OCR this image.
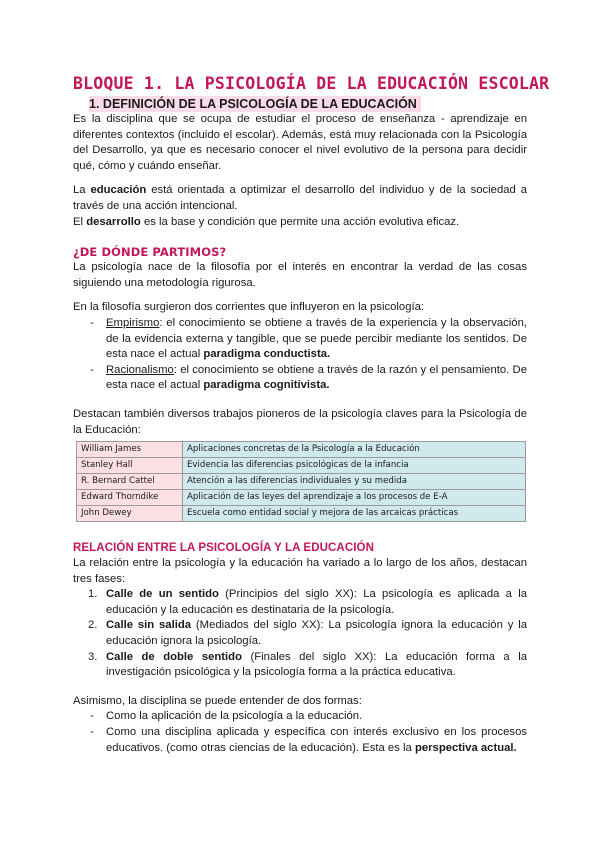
BLOQUE 1. LA PSICOLOGÍA DE LA EDUCACIÓN ESCOLAR
1. DEFINICIÓN DE LA PSICOLOGÍA DE LA EDUCACIÓN

Es la disciplina que se ocupa de estudiar el proceso de enseñanza - aprendizaje en diferentes contextos (incluido el escolar). Además, está muy relacionada con la Psicología del Desarrollo, ya que es necesario conocer el nivel evolutivo de la persona para decidir qué, cómo y cuándo enseñar.

La educación está orientada a optimizar el desarrollo del individuo y de la sociedad a través de una acción intencional.

El desarrollo es la base y condición que permite una acción evolutiva eficaz.

¿DE DÓNDE PARTIMOS?

La psicología nace de la filosofía por el interés en encontrar la verdad de las cosas siguiendo una metodología rigurosa.

En la filosofía surgieron dos corrientes que influyeron en la psicología:

- Empirismo: el conocimiento se obtiene a través de la experiencia y la observación, de la evidencia externa y tangible, que se puede percibir mediante los sentidos. De esta nace el actual paradigma conductista.
- Racionalismo: el conocimiento se obtiene a través de la razón y el pensamiento. De esta nace el actual paradigma cognitivista.

Destacan también diversos trabajos pioneros de la psicología claves para la Psicología de la Educación:

William James	Aplicaciones concretas de la Psicología a la Educación
Stanley Hall	Evidencia las diferencias psicológicas de la infancia
R. Bernard Cattel	Atención a las diferencias individuales y su medida
Edward Thorndike	Aplicación de las leyes del aprendizaje a los procesos de E-A
John Dewey	Escuela como entidad social y mejora de las arcaicas prácticas
RELACIÓN ENTRE LA PSICOLOGÍA Y LA EDUCACIÓN

La relación entre la psicología y la educación ha variado a lo largo de los años, destacan tres fases:

1. Calle de un sentido (Principios del siglo XX): La psicología es aplicada a la educación y la educación es destinataria de la psicología.
2. Calle sin salida (Mediados del siglo XX): La psicología ignora la educación y la educación ignora la psicología.
3. Calle de doble sentido (Finales del siglo XX): La educación forma a la investigación psicológica y la psicología forma a la práctica educativa.

Asimismo, la disciplina se puede entender de dos formas:

- Como la aplicación de la psicología a la educación.
- Como una disciplina aplicada y específica con interés exclusivo en los procesos educativos. (como otras ciencias de la educación). Esta es la perspectiva actual.
